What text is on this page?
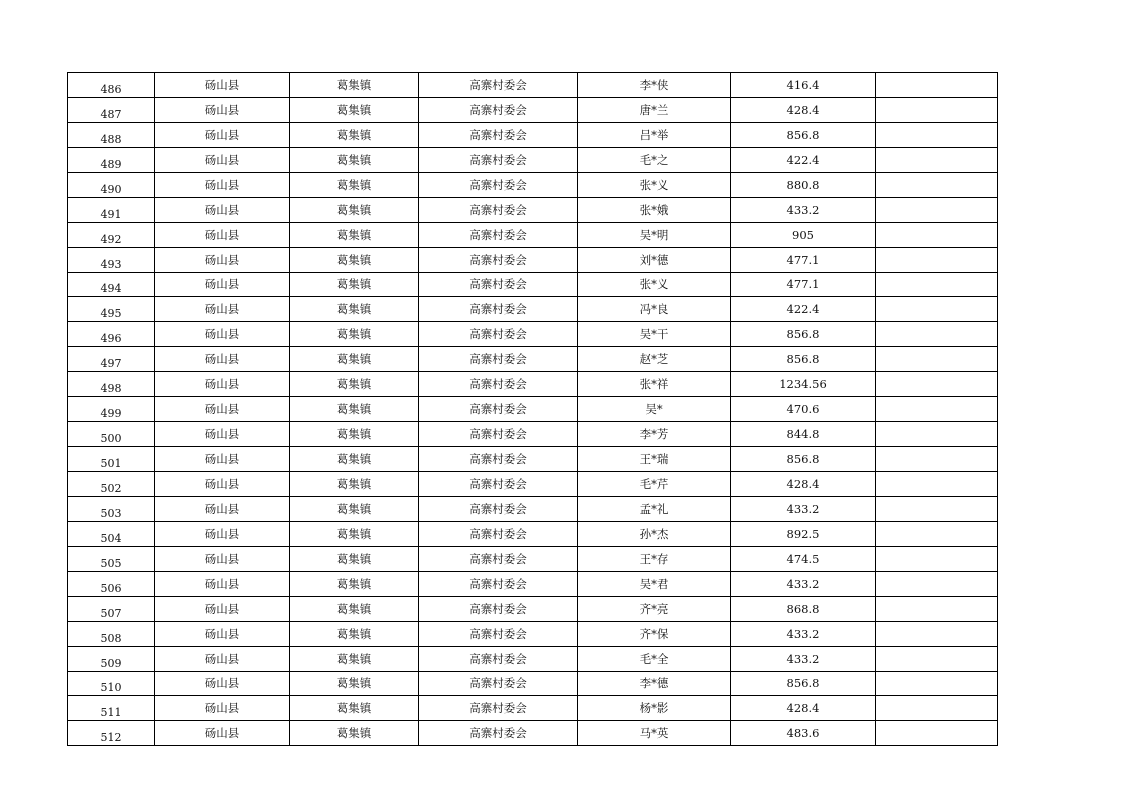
486	砀山县	葛集镇	高寨村委会	李*侠	416.4	
487	砀山县	葛集镇	高寨村委会	唐*兰	428.4	
488	砀山县	葛集镇	高寨村委会	吕*举	856.8	
489	砀山县	葛集镇	高寨村委会	毛*之	422.4	
490	砀山县	葛集镇	高寨村委会	张*义	880.8	
491	砀山县	葛集镇	高寨村委会	张*娥	433.2	
492	砀山县	葛集镇	高寨村委会	吴*明	905	
493	砀山县	葛集镇	高寨村委会	刘*德	477.1	
494	砀山县	葛集镇	高寨村委会	张*义	477.1	
495	砀山县	葛集镇	高寨村委会	冯*良	422.4	
496	砀山县	葛集镇	高寨村委会	吴*干	856.8	
497	砀山县	葛集镇	高寨村委会	赵*芝	856.8	
498	砀山县	葛集镇	高寨村委会	张*祥	1234.56	
499	砀山县	葛集镇	高寨村委会	吴*	470.6	
500	砀山县	葛集镇	高寨村委会	李*芳	844.8	
501	砀山县	葛集镇	高寨村委会	王*瑞	856.8	
502	砀山县	葛集镇	高寨村委会	毛*芹	428.4	
503	砀山县	葛集镇	高寨村委会	孟*礼	433.2	
504	砀山县	葛集镇	高寨村委会	孙*杰	892.5	
505	砀山县	葛集镇	高寨村委会	王*存	474.5	
506	砀山县	葛集镇	高寨村委会	吴*君	433.2	
507	砀山县	葛集镇	高寨村委会	齐*亮	868.8	
508	砀山县	葛集镇	高寨村委会	齐*保	433.2	
509	砀山县	葛集镇	高寨村委会	毛*全	433.2	
510	砀山县	葛集镇	高寨村委会	李*德	856.8	
511	砀山县	葛集镇	高寨村委会	杨*影	428.4	
512	砀山县	葛集镇	高寨村委会	马*英	483.6	
